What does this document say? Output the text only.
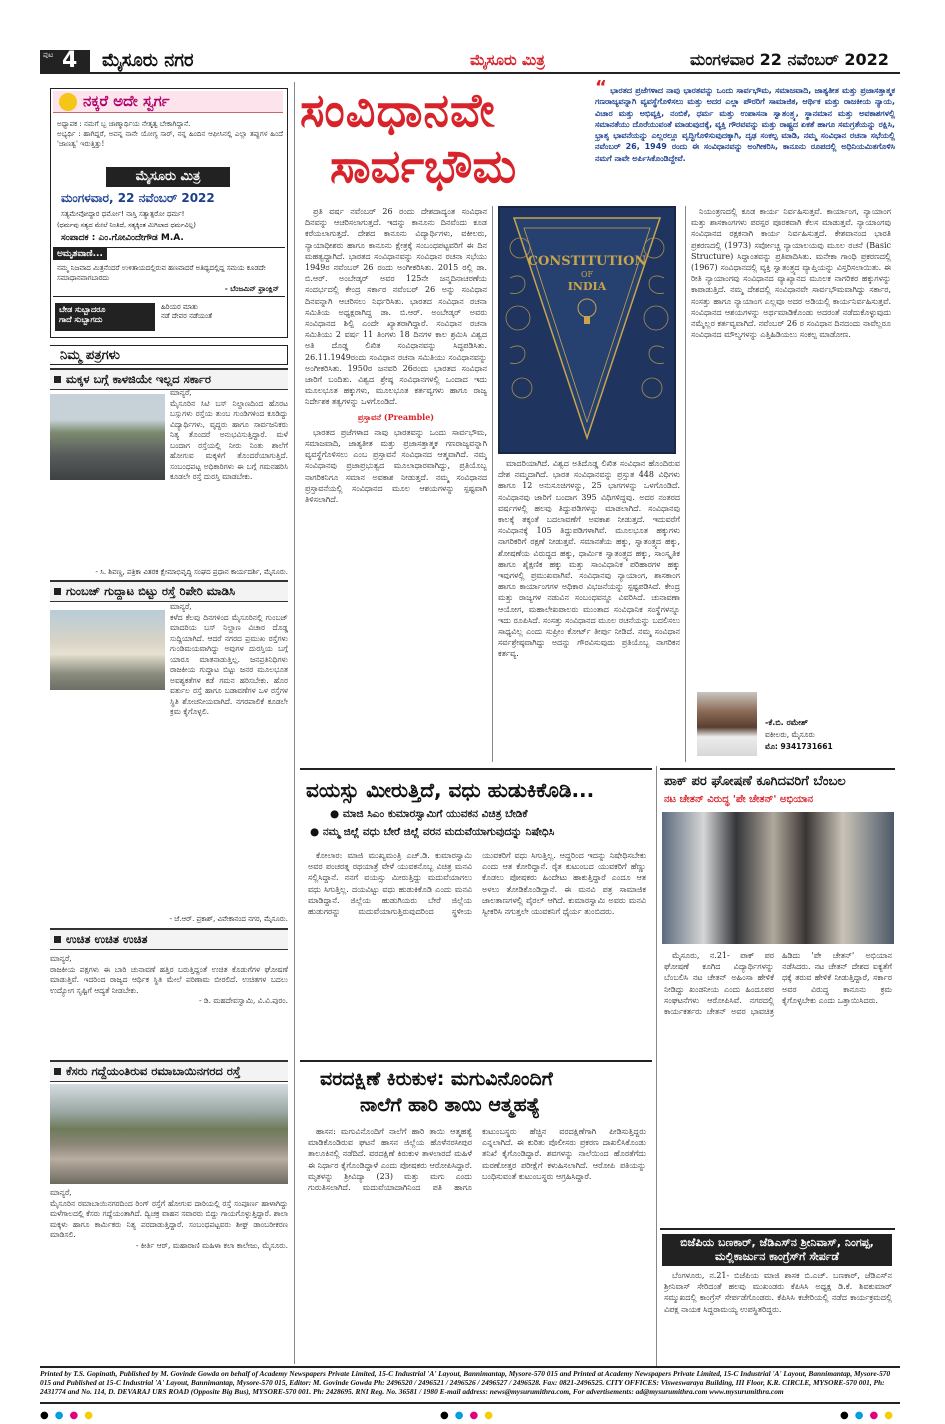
ಪುಟ 4 ಮೈಸೂರು ನಗರ	ಮೈಸೂರು ಮಿತ್ರ	ಮಂಗಳವಾರ 22 ನವೆಂಬರ್ 2022
ನಕ್ಕರೆ ಅದೇ ಸ್ವರ್ಗ
ಅಧ್ಯಾಪಕ : ನಮಗೆ ಬ್ಬ ಜಾಣ್ಮಾರ್ಥಿಯ ನೇತೃತ್ವ ಬೇಕಾಗಿದ್ದಾನೆ.
ಅಭ್ಯರ್ಥಿ : ಹಾಗಿದ್ದರೆ, ಅವನ್ನ ನಾನೇ ಯೋಗ್ಯ ಸಾರ್, ನನ್ನ ಹಿಂದಿನ ಆಫೀಸಿನಲ್ಲಿ ಎಲ್ಲಾ ತಪ್ಪುಗಳ ಹಿಂದೆ 'ಜಾಣತ್ವ' ಇರುತ್ತಿತ್ತು!
ಮೈಸೂರು ಮಿತ್ರ
ಮಂಗಳವಾರ, 22 ನವೆಂಬರ್ 2022
ಸತ್ಯಮೇವೋದ್ಧಾರ ಧರ್ಮೋ! ನಾಸ್ತಿ ಸತ್ಯಾತ್ಪರೋ ಧರ್ಮ!
(ಧರ್ಮವು ಸತ್ಯದ ಮೇಲೆ ನಿಂತಿದೆ, ಸತ್ಯಕ್ಕಿಂತ ಮಿಗಿಲಾದ ಧರ್ಮವಿಲ್ಲ)
ಸಂಪಾದಕ : ಎಂ.ಗೋವಿಂದೇಗೌಡ M.A.
ಅಮೃತವಾಣಿ...
ನಮ್ಮ ನಿಜವಾದ ಮಿತ್ರನೆಂದರೆ ಉಳಿತಾಯದಲ್ಲಿರುವ ಹಣವಾದರೆ ಅತಿಥ್ಯದಲ್ಲಿದ್ದ ಸಮಯ ಕೂಡದೇ ಸಮಾಧಾನವಾಗಬಾರದು
- ಬೆಂಜಮಿನ್ ಫ್ರಾಂಕ್ಲಿನ್
ಬೇಡ ಸುಬ್ಬಾದರೂ
ಗಾದೆ ಸುಬ್ಬಾಗದು
ಹಿರಿಯರ ಮಾತು
ನಡೆ ದೇವರ ನಡೆಯಂತೆ
ನಿಮ್ಮ ಪತ್ರಗಳು
ಮಕ್ಕಳ ಬಗ್ಗೆ ಕಾಳಜಿಯೇ ಇಲ್ಲದ ಸರ್ಕಾರ
ಮಾನ್ಯರೆ,
ಮೈಸೂರಿನ ಸಿಟಿ ಬಸ್ ನಿಲ್ದಾಣದಿಂದ ಹೊರಟ ಬಸ್ಸುಗಳು ರಸ್ತೆಯ ತುಂಬ ಗುಂಡಿಗಳಿಂದ ಕೂಡಿದ್ದು ವಿದ್ಯಾರ್ಥಿಗಳು, ವೃದ್ಧರು ಹಾಗೂ ಸಾರ್ವಜನಿಕರು ನಿತ್ಯ ತೊಂದರೆ ಅನುಭವಿಸುತ್ತಿದ್ದಾರೆ. ಮಳೆ ಬಂದಾಗ ರಸ್ತೆಯಲ್ಲಿ ನೀರು ನಿಂತು ಶಾಲೆಗೆ ಹೋಗುವ ಮಕ್ಕಳಿಗೆ ತೊಂದರೆಯಾಗುತ್ತಿದೆ. ಸಂಬಂಧಪಟ್ಟ ಅಧಿಕಾರಿಗಳು ಈ ಬಗ್ಗೆ ಗಮನಹರಿಸಿ ಕೂಡಲೇ ರಸ್ತೆ ದುರಸ್ತಿ ಮಾಡಬೇಕು.
- ಸಿ. ಶಿವಣ್ಣ, ಪತ್ರಿಕಾ ವಿತರಕ ಕ್ಷೇಮಾಭಿವೃದ್ಧಿ ಸಂಘದ ಪ್ರಧಾನ ಕಾರ್ಯದರ್ಶಿ, ಮೈಸೂರು.
ಗುಂಬಜ್ ಗುದ್ದಾಟ ಬಿಟ್ಟು ರಸ್ತೆ ರಿಪೇರಿ ಮಾಡಿಸಿ
ಮಾನ್ಯರೆ,
ಕಳೆದ ಕೆಲವು ದಿನಗಳಿಂದ ಮೈಸೂರಿನಲ್ಲಿ ಗುಂಬಜ್ ಮಾದರಿಯ ಬಸ್ ನಿಲ್ದಾಣ ವಿಚಾರ ದೊಡ್ಡ ಸುದ್ದಿಯಾಗಿದೆ. ಆದರೆ ನಗರದ ಪ್ರಮುಖ ರಸ್ತೆಗಳು ಗುಂಡಿಮಯವಾಗಿದ್ದು ಅವುಗಳ ದುರಸ್ತಿಯ ಬಗ್ಗೆ ಯಾರೂ ಮಾತನಾಡುತ್ತಿಲ್ಲ. ಜನಪ್ರತಿನಿಧಿಗಳು ರಾಜಕೀಯ ಗುದ್ದಾಟ ಬಿಟ್ಟು ಜನರ ಮೂಲಭೂತ ಅವಶ್ಯಕತೆಗಳ ಕಡೆ ಗಮನ ಹರಿಸಬೇಕು. ಹೊರ ವರ್ತುಲ ರಸ್ತೆ ಹಾಗೂ ಬಡಾವಣೆಗಳ ಒಳ ರಸ್ತೆಗಳ ಸ್ಥಿತಿ ಶೋಚನೀಯವಾಗಿದೆ. ನಗರಪಾಲಿಕೆ ಕೂಡಲೇ ಕ್ರಮ ಕೈಗೊಳ್ಳಲಿ.
- ಜೆ.ಆರ್. ಪ್ರಕಾಶ್, ವಿವೇಕಾನಂದ ನಗರ, ಮೈಸೂರು.
ಉಚಿತ ಉಚಿತ ಉಚಿತ
ಮಾನ್ಯರೆ,
ರಾಜಕೀಯ ಪಕ್ಷಗಳು ಈ ಬಾರಿ ಚುನಾವಣೆ ಹತ್ತಿರ ಬರುತ್ತಿದ್ದಂತೆ ಉಚಿತ ಕೊಡುಗೆಗಳ ಘೋಷಣೆ ಮಾಡುತ್ತಿವೆ. ಇದರಿಂದ ರಾಜ್ಯದ ಆರ್ಥಿಕ ಸ್ಥಿತಿ ಮೇಲೆ ಪರಿಣಾಮ ಬೀರಲಿದೆ. ಉಚಿತಗಳ ಬದಲು ಉದ್ಯೋಗ ಸೃಷ್ಟಿಗೆ ಆದ್ಯತೆ ನೀಡಬೇಕು.
- ಡಿ. ಮಹದೇವಸ್ವಾಮಿ, ವಿ.ವಿ.ಪುರಂ.
ಕೆಸರು ಗದ್ದೆಯಂತಿರುವ ರಮಾಬಾಯಿನಗರದ ರಸ್ತೆ
ಮಾನ್ಯರೆ,
ಮೈಸೂರಿನ ರಮಾಬಾಯಿನಗರದಿಂದ ರಿಂಗ್ ರಸ್ತೆಗೆ ಹೋಗುವ ದಾರಿಯಲ್ಲಿ ರಸ್ತೆ ಸಂಪೂರ್ಣ ಹಾಳಾಗಿದ್ದು ಮಳೆಗಾಲದಲ್ಲಿ ಕೆಸರು ಗದ್ದೆಯಂತಾಗಿದೆ. ದ್ವಿಚಕ್ರ ವಾಹನ ಸವಾರರು ಬಿದ್ದು ಗಾಯಗೊಳ್ಳುತ್ತಿದ್ದಾರೆ. ಶಾಲಾ ಮಕ್ಕಳು ಹಾಗೂ ಕಾರ್ಮಿಕರು ನಿತ್ಯ ಪರದಾಡುತ್ತಿದ್ದಾರೆ. ಸಂಬಂಧಪಟ್ಟವರು ಶೀಘ್ರ ಡಾಂಬರೀಕರಣ ಮಾಡಿಸಲಿ.
- ಕೀರ್ತಿ ಆರ್, ಮಹಾರಾಣಿ ಮಹಿಳಾ ಕಲಾ ಕಾಲೇಜು, ಮೈಸೂರು.
ಸಂವಿಧಾನವೇ
ಸಾರ್ವಭೌಮ
“ ಭಾರತದ ಪ್ರಜೆಗಳಾದ ನಾವು ಭಾರತವನ್ನು ಒಂದು ಸಾರ್ವಭೌಮ, ಸಮಾಜವಾದಿ, ಜಾತ್ಯತೀತ ಮತ್ತು ಪ್ರಜಾಸತ್ತಾತ್ಮಕ ಗಣರಾಜ್ಯವನ್ನಾಗಿ ವ್ಯವಸ್ಥೆಗೊಳಿಸಲು ಮತ್ತು ಅದರ ಎಲ್ಲಾ ಪೌರರಿಗೆ ಸಾಮಾಜಿಕ, ಆರ್ಥಿಕ ಮತ್ತು ರಾಜಕೀಯ ನ್ಯಾಯ, ವಿಚಾರ ಮತ್ತು ಅಭಿವ್ಯಕ್ತಿ, ನಂಬಿಕೆ, ಧರ್ಮ ಮತ್ತು ಉಪಾಸನಾ ಸ್ವಾತಂತ್ರ್ಯ, ಸ್ಥಾನಮಾನ ಮತ್ತು ಅವಕಾಶಗಳಲ್ಲಿ ಸಮಾನತೆಯು ದೊರೆಯುವಂತೆ ಮಾಡುವುದಕ್ಕೆ, ವ್ಯಕ್ತಿ ಗೌರವವನ್ನು ಮತ್ತು ರಾಷ್ಟ್ರದ ಏಕತೆ ಹಾಗೂ ಸಮಗ್ರತೆಯನ್ನು ರಕ್ಷಿಸಿ, ಭ್ರಾತೃ ಭಾವನೆಯನ್ನು ಎಲ್ಲರಲ್ಲೂ ವೃದ್ಧಿಗೊಳಿಸುವುದಕ್ಕಾಗಿ, ದೃಢ ಸಂಕಲ್ಪ ಮಾಡಿ, ನಮ್ಮ ಸಂವಿಧಾನ ರಚನಾ ಸಭೆಯಲ್ಲಿ ನವೆಂಬರ್ 26, 1949 ರಂದು ಈ ಸಂವಿಧಾನವನ್ನು ಅಂಗೀಕರಿಸಿ, ಕಾನೂನು ರೂಪದಲ್ಲಿ ಅಧಿನಿಯಮಿತಗೊಳಿಸಿ ನಮಗೆ ನಾವೇ ಅರ್ಪಿಸಿಕೊಂಡಿದ್ದೇವೆ.

ಪ್ರತಿ ವರ್ಷ ನವೆಂಬರ್ 26 ರಂದು ದೇಶದಾದ್ಯಂತ ಸಂವಿಧಾನ ದಿನವನ್ನು ಆಚರಿಸಲಾಗುತ್ತದೆ. ಇದನ್ನು ಕಾನೂನು ದಿನವೆಂದು ಕೂಡ ಕರೆಯಲಾಗುತ್ತದೆ. ದೇಶದ ಕಾನೂನು ವಿದ್ಯಾರ್ಥಿಗಳು, ವಕೀಲರು, ನ್ಯಾಯಾಧೀಶರು ಹಾಗೂ ಕಾನೂನು ಕ್ಷೇತ್ರಕ್ಕೆ ಸಂಬಂಧಪಟ್ಟವರಿಗೆ ಈ ದಿನ ಮಹತ್ವದ್ದಾಗಿದೆ. ಭಾರತದ ಸಂವಿಧಾನವನ್ನು ಸಂವಿಧಾನ ರಚನಾ ಸಭೆಯು 1949ರ ನವೆಂಬರ್ 26 ರಂದು ಅಂಗೀಕರಿಸಿತು. 2015 ರಲ್ಲಿ ಡಾ. ಬಿ.ಆರ್. ಅಂಬೇಡ್ಕರ್ ಅವರ 125ನೇ ಜನ್ಮದಿನಾಚರಣೆಯ ಸಂದರ್ಭದಲ್ಲಿ ಕೇಂದ್ರ ಸರ್ಕಾರ ನವೆಂಬರ್ 26 ಅನ್ನು ಸಂವಿಧಾನ ದಿನವನ್ನಾಗಿ ಆಚರಿಸಲು ನಿರ್ಧರಿಸಿತು. ಭಾರತದ ಸಂವಿಧಾನ ರಚನಾ ಸಮಿತಿಯ ಅಧ್ಯಕ್ಷರಾಗಿದ್ದ ಡಾ. ಬಿ.ಆರ್. ಅಂಬೇಡ್ಕರ್ ಅವರು ಸಂವಿಧಾನದ ಶಿಲ್ಪಿ ಎಂದೇ ಖ್ಯಾತರಾಗಿದ್ದಾರೆ. ಸಂವಿಧಾನ ರಚನಾ ಸಮಿತಿಯು 2 ವರ್ಷ 11 ತಿಂಗಳು 18 ದಿನಗಳ ಕಾಲ ಶ್ರಮಿಸಿ ವಿಶ್ವದ ಅತಿ ದೊಡ್ಡ ಲಿಖಿತ ಸಂವಿಧಾನವನ್ನು ಸಿದ್ಧಪಡಿಸಿತು. 26.11.1949ರಂದು ಸಂವಿಧಾನ ರಚನಾ ಸಮಿತಿಯು ಸಂವಿಧಾನವನ್ನು ಅಂಗೀಕರಿಸಿತು. 1950ರ ಜನವರಿ 26ರಂದು ಭಾರತದ ಸಂವಿಧಾನ ಜಾರಿಗೆ ಬಂದಿತು. ವಿಶ್ವದ ಶ್ರೇಷ್ಠ ಸಂವಿಧಾನಗಳಲ್ಲಿ ಒಂದಾದ ಇದು ಮೂಲಭೂತ ಹಕ್ಕುಗಳು, ಮೂಲಭೂತ ಕರ್ತವ್ಯಗಳು ಹಾಗೂ ರಾಜ್ಯ ನಿರ್ದೇಶಕ ತತ್ವಗಳನ್ನು ಒಳಗೊಂಡಿದೆ.

ಪ್ರಸ್ತಾವನೆ (Preamble)

ಭಾರತದ ಪ್ರಜೆಗಳಾದ ನಾವು ಭಾರತವನ್ನು ಒಂದು ಸಾರ್ವಭೌಮ, ಸಮಾಜವಾದಿ, ಜಾತ್ಯತೀತ ಮತ್ತು ಪ್ರಜಾಸತ್ತಾತ್ಮಕ ಗಣರಾಜ್ಯವನ್ನಾಗಿ ವ್ಯವಸ್ಥೆಗೊಳಿಸಲು ಎಂಬ ಪ್ರಸ್ತಾವನೆ ಸಂವಿಧಾನದ ಆತ್ಮವಾಗಿದೆ. ನಮ್ಮ ಸಂವಿಧಾನವು ಪ್ರಜಾಪ್ರಭುತ್ವದ ಮೂಲಾಧಾರವಾಗಿದ್ದು, ಪ್ರತಿಯೊಬ್ಬ ನಾಗರಿಕನಿಗೂ ಸಮಾನ ಅವಕಾಶ ನೀಡುತ್ತದೆ. ನಮ್ಮ ಸಂವಿಧಾನದ ಪ್ರಸ್ತಾವನೆಯಲ್ಲಿ ಸಂವಿಧಾನದ ಮೂಲ ಆಶಯಗಳನ್ನು ಸ್ಪಷ್ಟವಾಗಿ ತಿಳಿಸಲಾಗಿದೆ.

CONSTITUTION
OF
INDIA

ಮಾದರಿಯಾಗಿದೆ. ವಿಶ್ವದ ಅತಿದೊಡ್ಡ ಲಿಖಿತ ಸಂವಿಧಾನ ಹೊಂದಿರುವ ದೇಶ ನಮ್ಮದಾಗಿದೆ. ಭಾರತ ಸಂವಿಧಾನವನ್ನು ಪ್ರಸ್ತುತ 448 ವಿಧಿಗಳು ಹಾಗೂ 12 ಅನುಸೂಚಿಗಳನ್ನು, 25 ಭಾಗಗಳನ್ನು ಒಳಗೊಂಡಿದೆ. ಸಂವಿಧಾನವು ಜಾರಿಗೆ ಬಂದಾಗ 395 ವಿಧಿಗಳಿದ್ದವು. ಅದರ ನಂತರದ ವರ್ಷಗಳಲ್ಲಿ ಹಲವು ತಿದ್ದುಪಡಿಗಳನ್ನು ಮಾಡಲಾಗಿದೆ. ಸಂವಿಧಾನವು ಕಾಲಕ್ಕೆ ತಕ್ಕಂತೆ ಬದಲಾವಣೆಗೆ ಅವಕಾಶ ನೀಡುತ್ತದೆ. ಇದುವರೆಗೆ ಸಂವಿಧಾನಕ್ಕೆ 105 ತಿದ್ದುಪಡಿಗಳಾಗಿವೆ. ಮೂಲಭೂತ ಹಕ್ಕುಗಳು ನಾಗರಿಕರಿಗೆ ರಕ್ಷಣೆ ನೀಡುತ್ತವೆ. ಸಮಾನತೆಯ ಹಕ್ಕು, ಸ್ವಾತಂತ್ರ್ಯದ ಹಕ್ಕು, ಶೋಷಣೆಯ ವಿರುದ್ಧದ ಹಕ್ಕು, ಧಾರ್ಮಿಕ ಸ್ವಾತಂತ್ರ್ಯದ ಹಕ್ಕು, ಸಾಂಸ್ಕೃತಿಕ ಹಾಗೂ ಶೈಕ್ಷಣಿಕ ಹಕ್ಕು ಮತ್ತು ಸಾಂವಿಧಾನಿಕ ಪರಿಹಾರಗಳ ಹಕ್ಕು ಇವುಗಳಲ್ಲಿ ಪ್ರಮುಖವಾಗಿವೆ. ಸಂವಿಧಾನವು ನ್ಯಾಯಾಂಗ, ಶಾಸಕಾಂಗ ಹಾಗೂ ಕಾರ್ಯಾಂಗಗಳ ಅಧಿಕಾರ ವಿಭಜನೆಯನ್ನು ಸ್ಪಷ್ಟಪಡಿಸಿದೆ. ಕೇಂದ್ರ ಮತ್ತು ರಾಜ್ಯಗಳ ನಡುವಿನ ಸಂಬಂಧವನ್ನೂ ವಿವರಿಸಿದೆ. ಚುನಾವಣಾ ಆಯೋಗ, ಮಹಾಲೇಖಪಾಲರು ಮುಂತಾದ ಸಂವಿಧಾನಿಕ ಸಂಸ್ಥೆಗಳನ್ನೂ ಇದು ರೂಪಿಸಿದೆ. ಸಂಸತ್ತು ಸಂವಿಧಾನದ ಮೂಲ ರಚನೆಯನ್ನು ಬದಲಿಸಲು ಸಾಧ್ಯವಿಲ್ಲ ಎಂದು ಸುಪ್ರೀಂ ಕೋರ್ಟ್ ತೀರ್ಪು ನೀಡಿದೆ. ನಮ್ಮ ಸಂವಿಧಾನ ಸರ್ವಶ್ರೇಷ್ಠವಾಗಿದ್ದು ಅದನ್ನು ಗೌರವಿಸುವುದು ಪ್ರತಿಯೊಬ್ಬ ನಾಗರಿಕನ ಕರ್ತವ್ಯ.

ನಿಯಂತ್ರಣದಲ್ಲಿ ಕೂಡ ಕಾರ್ಯ ನಿರ್ವಹಿಸುತ್ತವೆ. ಕಾರ್ಯಾಂಗ, ನ್ಯಾಯಾಂಗ ಮತ್ತು ಶಾಸಕಾಂಗಗಳು ಪರಸ್ಪರ ಪೂರಕವಾಗಿ ಕೆಲಸ ಮಾಡುತ್ತವೆ. ನ್ಯಾಯಾಂಗವು ಸಂವಿಧಾನದ ರಕ್ಷಕನಾಗಿ ಕಾರ್ಯ ನಿರ್ವಹಿಸುತ್ತದೆ. ಕೇಶವಾನಂದ ಭಾರತಿ ಪ್ರಕರಣದಲ್ಲಿ (1973) ಸರ್ವೋಚ್ಚ ನ್ಯಾಯಾಲಯವು ಮೂಲ ರಚನೆ (Basic Structure) ಸಿದ್ಧಾಂತವನ್ನು ಪ್ರತಿಪಾದಿಸಿತು. ಮನೇಕಾ ಗಾಂಧಿ ಪ್ರಕರಣದಲ್ಲಿ (1967) ಸಂವಿಧಾನದಲ್ಲಿ ವ್ಯಕ್ತಿ ಸ್ವಾತಂತ್ರ್ಯದ ವ್ಯಾಪ್ತಿಯನ್ನು ವಿಸ್ತರಿಸಲಾಯಿತು. ಈ ರೀತಿ ನ್ಯಾಯಾಂಗವು ಸಂವಿಧಾನದ ವ್ಯಾಖ್ಯಾನದ ಮೂಲಕ ನಾಗರಿಕರ ಹಕ್ಕುಗಳನ್ನು ಕಾಪಾಡುತ್ತಿದೆ. ನಮ್ಮ ದೇಶದಲ್ಲಿ ಸಂವಿಧಾನವೇ ಸಾರ್ವಭೌಮವಾಗಿದ್ದು ಸರ್ಕಾರ, ಸಂಸತ್ತು ಹಾಗೂ ನ್ಯಾಯಾಂಗ ಎಲ್ಲವೂ ಅದರ ಅಡಿಯಲ್ಲಿ ಕಾರ್ಯನಿರ್ವಹಿಸುತ್ತವೆ. ಸಂವಿಧಾನದ ಆಶಯಗಳನ್ನು ಅರ್ಥಮಾಡಿಕೊಂಡು ಅದರಂತೆ ನಡೆದುಕೊಳ್ಳುವುದು ನಮ್ಮೆಲ್ಲರ ಕರ್ತವ್ಯವಾಗಿದೆ. ನವೆಂಬರ್ 26 ರ ಸಂವಿಧಾನ ದಿನದಂದು ನಾವೆಲ್ಲರೂ ಸಂವಿಧಾನದ ಮೌಲ್ಯಗಳನ್ನು ಎತ್ತಿಹಿಡಿಯಲು ಸಂಕಲ್ಪ ಮಾಡೋಣ.

-ಕೆ.ಬಿ. ರಮೇಶ್
ವಕೀಲರು, ಮೈಸೂರು
ಮೊ: 9341731661
ವಯಸ್ಸು ಮೀರುತ್ತಿದೆ, ವಧು ಹುಡುಕಿಕೊಡಿ...
● ಮಾಜಿ ಸಿಎಂ ಕುಮಾರಸ್ವಾಮಿಗೆ ಯುವಕನ ವಿಚಿತ್ರ ಬೇಡಿಕೆ
● ನಮ್ಮ ಜಿಲ್ಲೆ ವಧು ಬೇರೆ ಜಿಲ್ಲೆ ವರನ ಮದುವೆಯಾಗುವುದನ್ನು ನಿಷೇಧಿಸಿ

ಕೋಲಾರ: ಮಾಜಿ ಮುಖ್ಯಮಂತ್ರಿ ಎಚ್.ಡಿ. ಕುಮಾರಸ್ವಾಮಿ ಅವರ ಪಂಚರತ್ನ ರಥಯಾತ್ರೆ ವೇಳೆ ಯುವಕನೊಬ್ಬ ವಿಚಿತ್ರ ಮನವಿ ಸಲ್ಲಿಸಿದ್ದಾನೆ. ನನಗೆ ವಯಸ್ಸು ಮೀರುತ್ತಿದ್ದು ಮದುವೆಯಾಗಲು ವಧು ಸಿಗುತ್ತಿಲ್ಲ. ದಯವಿಟ್ಟು ವಧು ಹುಡುಕಿಕೊಡಿ ಎಂದು ಮನವಿ ಮಾಡಿದ್ದಾನೆ. ಜಿಲ್ಲೆಯ ಹುಡುಗಿಯರು ಬೇರೆ ಜಿಲ್ಲೆಯ ಹುಡುಗರನ್ನು ಮದುವೆಯಾಗುತ್ತಿರುವುದರಿಂದ ಸ್ಥಳೀಯ ಯುವಕರಿಗೆ ವಧು ಸಿಗುತ್ತಿಲ್ಲ. ಆದ್ದರಿಂದ ಇದನ್ನು ನಿಷೇಧಿಸಬೇಕು ಎಂದು ಆತ ಕೋರಿದ್ದಾನೆ. ರೈತ ಕುಟುಂಬದ ಯುವಕರಿಗೆ ಹೆಣ್ಣು ಕೊಡಲು ಪೋಷಕರು ಹಿಂದೇಟು ಹಾಕುತ್ತಿದ್ದಾರೆ ಎಂದೂ ಆತ ಅಳಲು ತೋಡಿಕೊಂಡಿದ್ದಾನೆ. ಈ ಮನವಿ ಪತ್ರ ಸಾಮಾಜಿಕ ಜಾಲತಾಣಗಳಲ್ಲಿ ವೈರಲ್ ಆಗಿದೆ. ಕುಮಾರಸ್ವಾಮಿ ಅವರು ಮನವಿ ಸ್ವೀಕರಿಸಿ ನಗುತ್ತಲೇ ಯುವಕನಿಗೆ ಧೈರ್ಯ ತುಂಬಿದರು.

ಪಾಕ್ ಪರ ಘೋಷಣೆ ಕೂಗಿದವರಿಗೆ ಬೆಂಬಲ
ನಟ ಚೇತನ್ ವಿರುದ್ಧ 'ಪೇ ಚೇತನ್' ಅಭಿಯಾನ

ಮೈಸೂರು, ನ.21- ಪಾಕ್ ಪರ ಘೋಷಣೆ ಕೂಗಿದ ವಿದ್ಯಾರ್ಥಿಗಳನ್ನು ಬೆಂಬಲಿಸಿ ನಟ ಚೇತನ್ ಅಹಿಂಸಾ ಹೇಳಿಕೆ ನೀಡಿದ್ದು ಖಂಡನೀಯ ಎಂದು ಹಿಂದೂಪರ ಸಂಘಟನೆಗಳು ಆರೋಪಿಸಿವೆ. ನಗರದಲ್ಲಿ ಕಾರ್ಯಕರ್ತರು ಚೇತನ್ ಅವರ ಭಾವಚಿತ್ರ ಹಿಡಿದು 'ಪೇ ಚೇತನ್' ಅಭಿಯಾನ ನಡೆಸಿದರು. ನಟ ಚೇತನ್ ದೇಶದ ಐಕ್ಯತೆಗೆ ಧಕ್ಕೆ ತರುವ ಹೇಳಿಕೆ ನೀಡುತ್ತಿದ್ದಾರೆ, ಸರ್ಕಾರ ಅವರ ವಿರುದ್ಧ ಕಾನೂನು ಕ್ರಮ ಕೈಗೊಳ್ಳಬೇಕು ಎಂದು ಒತ್ತಾಯಿಸಿದರು.

ಬಿಜೆಪಿಯ ಬಣಕಾರ್, ಜೆಡಿಎಸ್‌ನ ಶ್ರೀನಿವಾಸ್, ನಿಂಗಪ್ಪ, ಮಲ್ಲಿಕಾರ್ಜುನ ಕಾಂಗ್ರೆಸ್‌ಗೆ ಸೇರ್ಪಡೆ

ಬೆಂಗಳೂರು, ನ.21- ಬಿಜೆಪಿಯ ಮಾಜಿ ಶಾಸಕ ಬಿ.ಎಚ್. ಬಣಕಾರ್, ಜೆಡಿಎಸ್‌ನ ಶ್ರೀನಿವಾಸ್ ಸೇರಿದಂತೆ ಹಲವು ಮುಖಂಡರು ಕೆಪಿಸಿಸಿ ಅಧ್ಯಕ್ಷ ಡಿ.ಕೆ. ಶಿವಕುಮಾರ್ ಸಮ್ಮುಖದಲ್ಲಿ ಕಾಂಗ್ರೆಸ್ ಸೇರ್ಪಡೆಗೊಂಡರು. ಕೆಪಿಸಿಸಿ ಕಚೇರಿಯಲ್ಲಿ ನಡೆದ ಕಾರ್ಯಕ್ರಮದಲ್ಲಿ ವಿಪಕ್ಷ ನಾಯಕ ಸಿದ್ದರಾಮಯ್ಯ ಉಪಸ್ಥಿತರಿದ್ದರು.

ವರದಕ್ಷಿಣೆ ಕಿರುಕುಳ: ಮಗುವಿನೊಂದಿಗೆ
ನಾಲೆಗೆ ಹಾರಿ ತಾಯಿ ಆತ್ಮಹತ್ಯೆ

ಹಾಸನ: ಮಗುವಿನೊಂದಿಗೆ ನಾಲೆಗೆ ಹಾರಿ ತಾಯಿ ಆತ್ಮಹತ್ಯೆ ಮಾಡಿಕೊಂಡಿರುವ ಘಟನೆ ಹಾಸನ ಜಿಲ್ಲೆಯ ಹೊಳೆನರಸೀಪುರ ತಾಲೂಕಿನಲ್ಲಿ ನಡೆದಿದೆ. ವರದಕ್ಷಿಣೆ ಕಿರುಕುಳ ತಾಳಲಾರದೆ ಮಹಿಳೆ ಈ ನಿರ್ಧಾರ ಕೈಗೊಂಡಿದ್ದಾಳೆ ಎಂದು ಪೋಷಕರು ಆರೋಪಿಸಿದ್ದಾರೆ. ಮೃತಳನ್ನು ಶ್ರೀವಿದ್ಯಾ (23) ಮತ್ತು ಮಗು ಎಂದು ಗುರುತಿಸಲಾಗಿದೆ. ಮದುವೆಯಾದಾಗಿನಿಂದ ಪತಿ ಹಾಗೂ ಕುಟುಂಬಸ್ಥರು ಹೆಚ್ಚಿನ ವರದಕ್ಷಿಣೆಗಾಗಿ ಪೀಡಿಸುತ್ತಿದ್ದರು ಎನ್ನಲಾಗಿದೆ. ಈ ಕುರಿತು ಪೊಲೀಸರು ಪ್ರಕರಣ ದಾಖಲಿಸಿಕೊಂಡು ತನಿಖೆ ಕೈಗೊಂಡಿದ್ದಾರೆ. ಶವಗಳನ್ನು ನಾಲೆಯಿಂದ ಹೊರತೆಗೆದು ಮರಣೋತ್ತರ ಪರೀಕ್ಷೆಗೆ ಕಳುಹಿಸಲಾಗಿದೆ. ಆರೋಪಿ ಪತಿಯನ್ನು ಬಂಧಿಸುವಂತೆ ಕುಟುಂಬಸ್ಥರು ಆಗ್ರಹಿಸಿದ್ದಾರೆ.

Printed by T.S. Gopinath, Published by M. Govinde Gowda on behalf of Academy Newspapers Private Limited, 15-C Industrial 'A' Layout, Bannimantap, Mysore-570 015 and Printed at Academy Newspapers Private Limited, 15-C Industrial 'A' Layout, Bannimantap, Mysore-570 015 and Published at 15-C Industrial 'A' Layout, Bannimantap, Mysore-570 015, Editor: M. Govinde Gowda Ph: 2496520 / 2496521 / 2496526 / 2496527 / 2496528. Fax: 0821-2496525. CITY OFFICES: Visweswaraya Building, III Floor, K.R. CIRCLE, MYSORE-570 001, Ph: 2431774 and No. 114, D. DEVARAJ URS ROAD (Opposite Big Bus), MYSORE-570 001. Ph: 2428695. RNI Reg. No. 36581 / 1980 E-mail address: news@mysurumithra.com, For advertisements: ad@mysurumithra.com www.mysurumithra.com
●●●●	●●●●	●●●●
